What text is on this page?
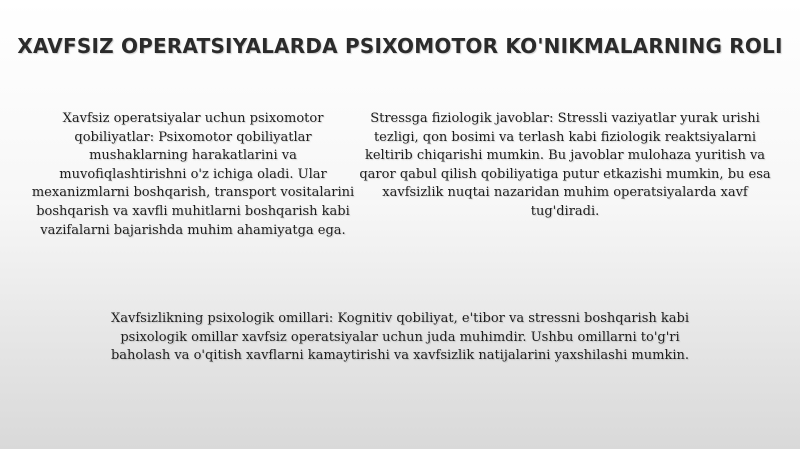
XAVFSIZ OPERATSIYALARDA PSIXOMOTOR KO'NIKMALARNING ROLI
Xavfsiz operatsiyalar uchun psixomotor qobiliyatlar: Psixomotor qobiliyatlar mushaklarning harakatlarini va muvofiqlashtirishni o'z ichiga oladi. Ular mexanizmlarni boshqarish, transport vositalarini boshqarish va xavfli muhitlarni boshqarish kabi vazifalarni bajarishda muhim ahamiyatga ega.
Stressga fiziologik javoblar: Stressli vaziyatlar yurak urishi tezligi, qon bosimi va terlash kabi fiziologik reaktsiyalarni keltirib chiqarishi mumkin. Bu javoblar mulohaza yuritish va qaror qabul qilish qobiliyatiga putur etkazishi mumkin, bu esa xavfsizlik nuqtai nazaridan muhim operatsiyalarda xavf tug'diradi.
Xavfsizlikning psixologik omillari: Kognitiv qobiliyat, e'tibor va stressni boshqarish kabi psixologik omillar xavfsiz operatsiyalar uchun juda muhimdir. Ushbu omillarni to'g'ri baholash va o'qitish xavflarni kamaytirishi va xavfsizlik natijalarini yaxshilashi mumkin.
